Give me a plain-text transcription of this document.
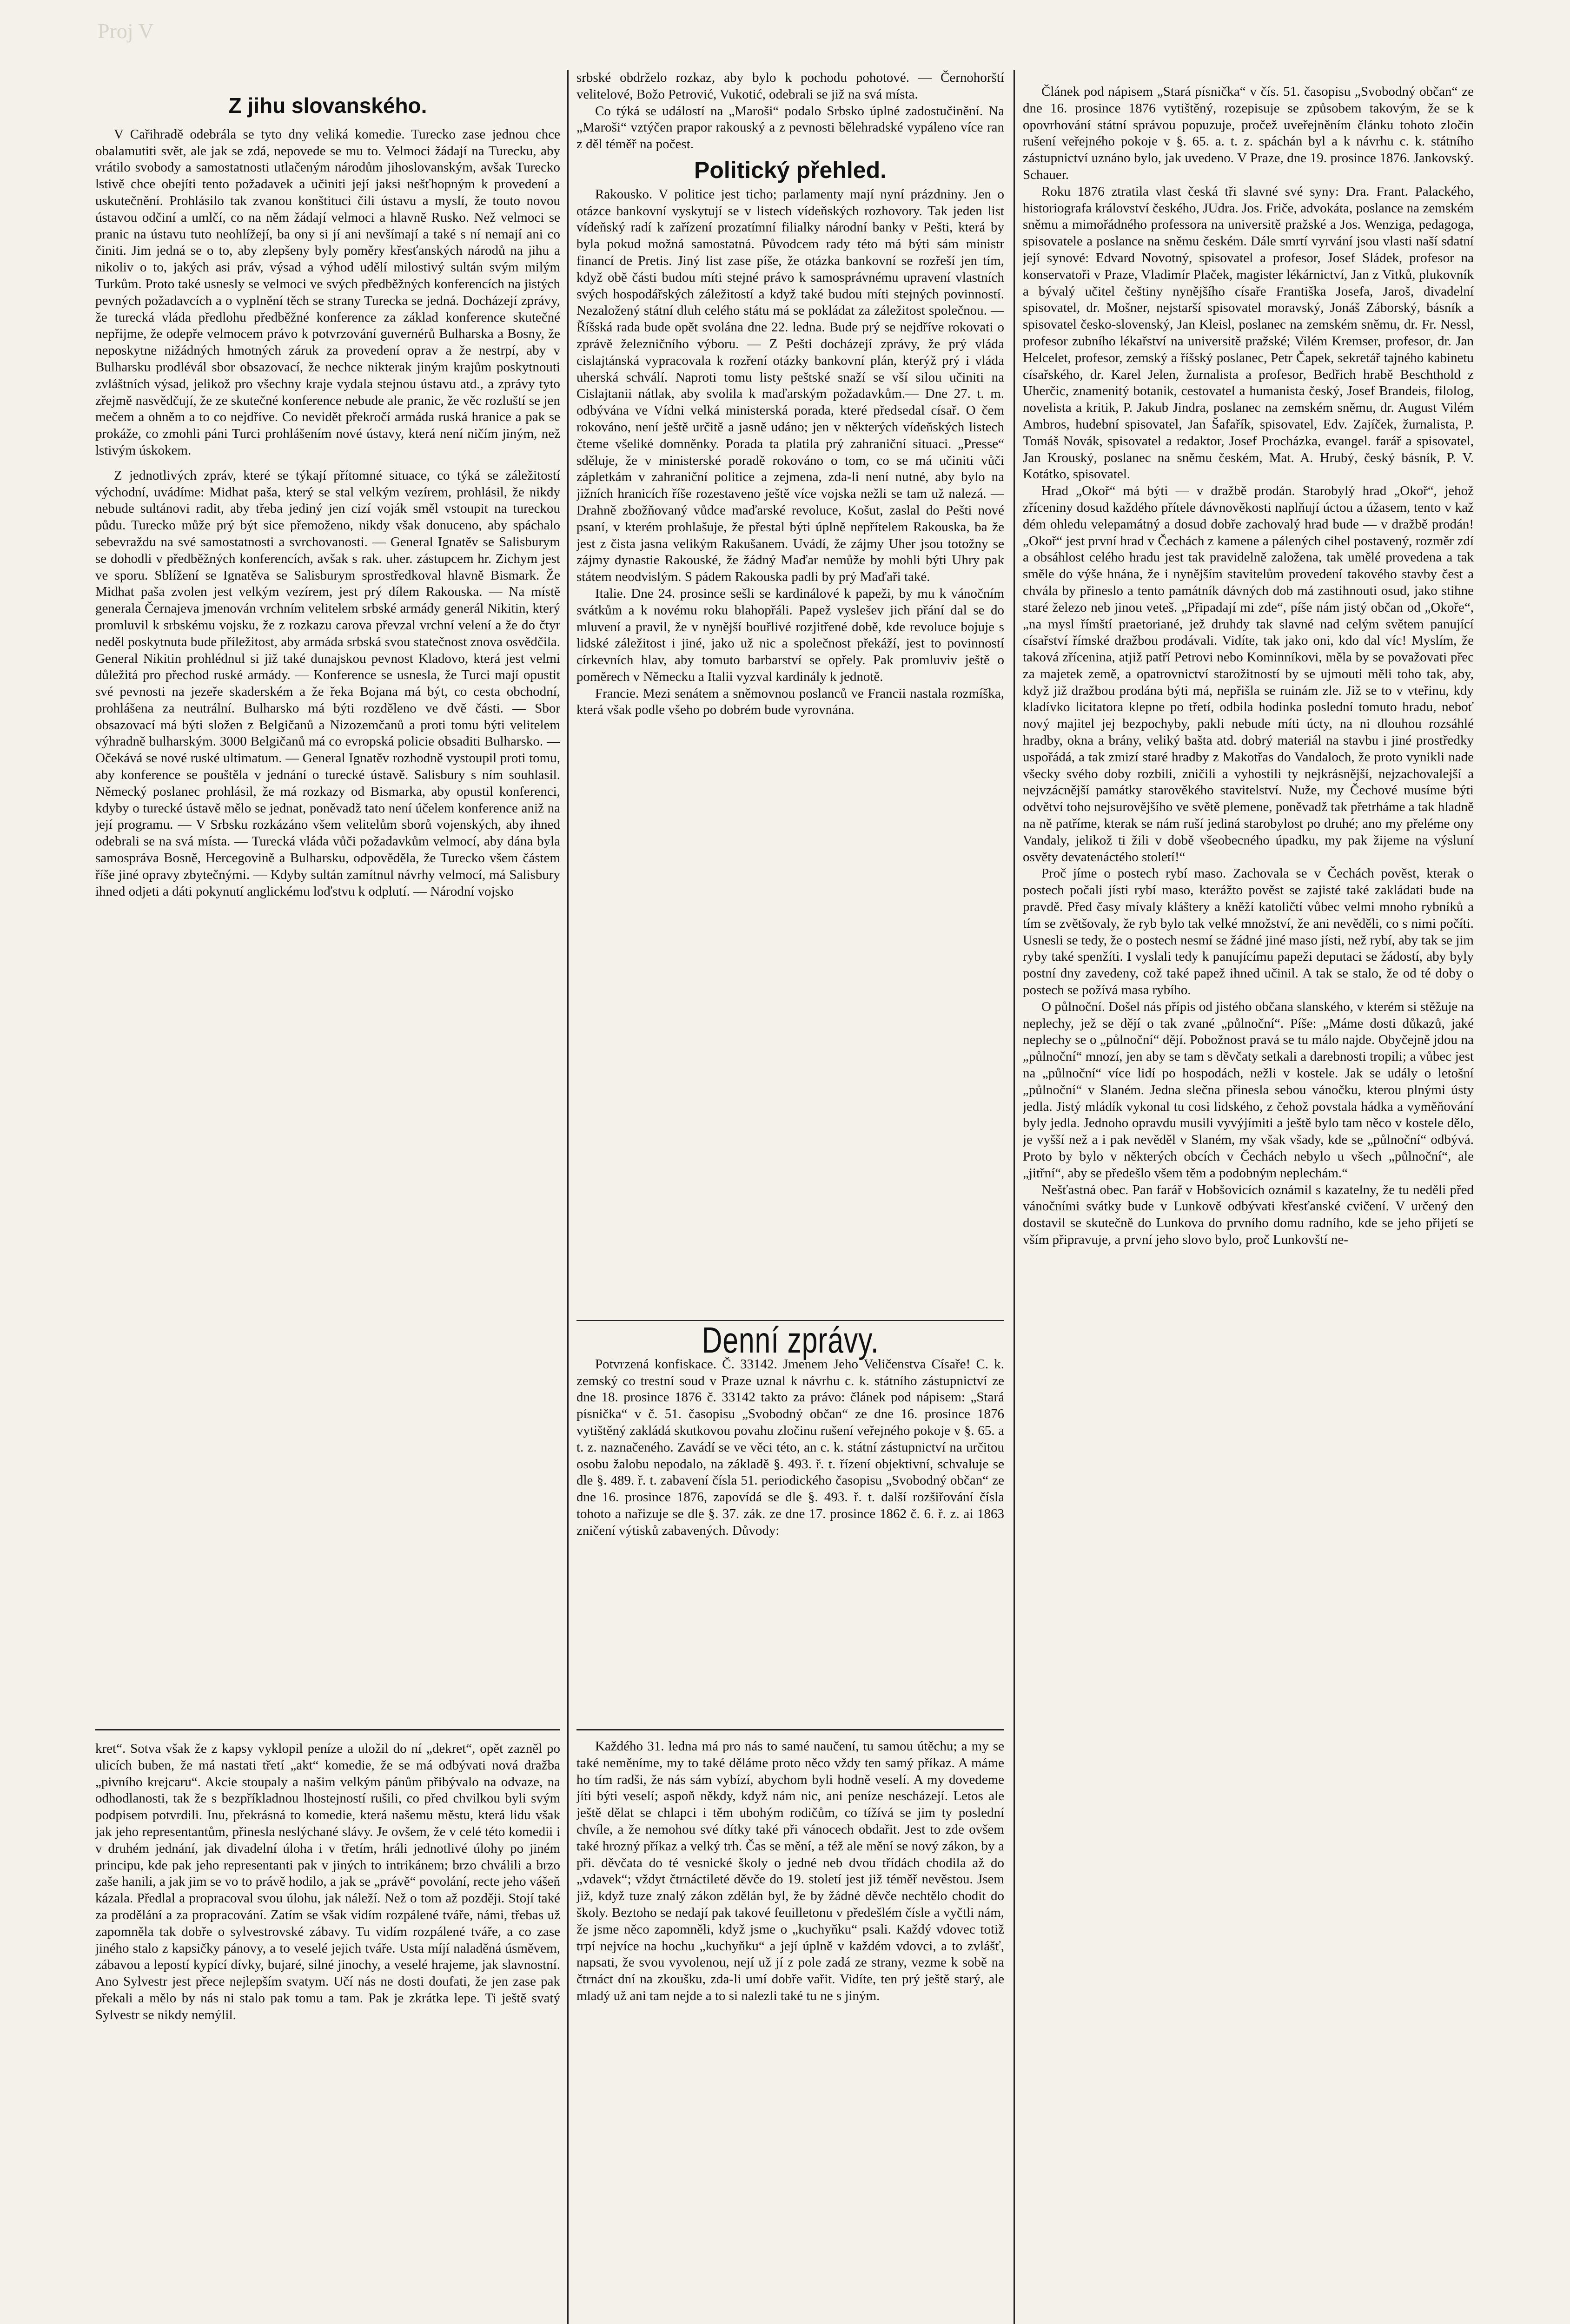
Proj V
Z jihu slovanského.

V Cařihradě odebrála se tyto dny veliká komedie. Turecko zase jednou chce obalamutiti svět, ale jak se zdá, nepovede se mu to. Velmoci žádají na Turecku, aby vrátilo svobody a samostatnosti utlačeným národům jihoslovanským, avšak Turecko lstivě chce obejíti tento požadavek a učiniti její jaksi nešťhopným k provedení a uskutečnění. Prohlásilo tak zvanou konštituci čili ústavu a myslí, že touto novou ústavou odčiní a umlčí, co na něm žádají velmoci a hlavně Rusko. Než velmoci se pranic na ústavu tuto neohlížejí, ba ony si jí ani nevšímají a také s ní nemají ani co činiti. Jim jedná se o to, aby zlepšeny byly poměry křesťanských národů na jihu a nikoliv o to, jakých asi práv, výsad a výhod udělí milostivý sultán svým milým Turkům. Proto také usnesly se velmoci ve svých předběžných konferencích na jistých pevných požadavcích a o vyplnění těch se strany Turecka se jedná. Docházejí zprávy, že turecká vláda předlohu předběžné konference za základ konference skutečné nepřijme, že odepře velmocem právo k potvrzování guvernérů Bulharska a Bosny, že neposkytne nižádných hmotných záruk za provedení oprav a že nestrpí, aby v Bulharsku prodlévál sbor obsazovací, že nechce nikterak jiným krajům poskytnouti zvláštních výsad, jelikož pro všechny kraje vydala stejnou ústavu atd., a zprávy tyto zřejmě nasvědčují, že ze skutečné konference nebude ale pranic, že věc rozluští se jen mečem a ohněm a to co nejdříve. Co nevidět překročí armáda ruská hranice a pak se prokáže, co zmohli páni Turci prohlášením nové ústavy, která není ničím jiným, než lstivým úskokem.

Z jednotlivých zpráv, které se týkají přítomné situace, co týká se záležitostí východní, uvádíme: Midhat paša, který se stal velkým vezírem, prohlásil, že nikdy nebude sultánovi radit, aby třeba jediný jen cizí voják směl vstoupit na tureckou půdu. Turecko může prý být sice přemoženo, nikdy však donuceno, aby spáchalo sebevraždu na své samostatnosti a svrchovanosti. — General Ignatěv se Salisburym se dohodli v předběžných konferencích, avšak s rak. uher. zástupcem hr. Zichym jest ve sporu. Sblížení se Ignatěva se Salisburym sprostředkoval hlavně Bismark. Že Midhat paša zvolen jest velkým vezírem, jest prý dílem Rakouska. — Na místě generala Černajeva jmenován vrchním velitelem srbské armády generál Nikitin, který promluvil k srbskému vojsku, že z rozkazu carova převzal vrchní velení a že do čtyr neděl poskytnuta bude příležitost, aby armáda srbská svou statečnost znova osvědčila. General Nikitin prohlédnul si již také dunajskou pevnost Kladovo, která jest velmi důležitá pro přechod ruské armády. — Konference se usnesla, že Turci mají opustit své pevnosti na jezeře skaderském a že řeka Bojana má být, co cesta obchodní, prohlášena za neutrální. Bulharsko má býti rozděleno ve dvě části. — Sbor obsazovací má býti složen z Belgičanů a Nizozemčanů a proti tomu býti velitelem výhradně bulharským. 3000 Belgičanů má co evropská policie obsaditi Bulharsko. — Očekává se nové ruské ultimatum. — General Ignatěv rozhodně vystoupil proti tomu, aby konference se pouštěla v jednání o turecké ústavě. Salisbury s ním souhlasil. Německý poslanec prohlásil, že má rozkazy od Bismarka, aby opustil konferenci, kdyby o turecké ústavě mělo se jednat, poněvadž tato není účelem konference aniž na její programu. — V Srbsku rozkázáno všem velitelům sborů vojenských, aby ihned odebrali se na svá místa. — Turecká vláda vůči požadavkům velmocí, aby dána byla samospráva Bosně, Hercegovině a Bulharsku, odpověděla, že Turecko všem částem říše jiné opravy zbytečnými. — Kdyby sultán zamítnul návrhy velmocí, má Salisbury ihned odjeti a dáti pokynutí anglickému loďstvu k odplutí. — Národní vojsko

kret“. Sotva však že z kapsy vyklopil peníze a uložil do ní „dekret“, opět zazněl po ulicích buben, že má nastati třetí „akt“ komedie, že se má odbývati nová dražba „pivního krejcaru“. Akcie stoupaly a našim velkým pánům přibývalo na odvaze, na odhodlanosti, tak že s bezpříkladnou lhostejností rušili, co před chvilkou byli svým podpisem potvrdili. Inu, překrásná to komedie, která našemu městu, která lidu však jak jeho representantům, přinesla neslýchané slávy. Je ovšem, že v celé této komedii i v druhém jednání, jak divadelní úloha i v třetím, hráli jednotlivé úlohy po jiném principu, kde pak jeho representanti pak v jiných to intrikánem; brzo chválili a brzo zaše hanili, a jak jim se vo to právě hodilo, a jak se „právě“ povolání, recte jeho vášeň kázala. Předlal a propracoval svou úlohu, jak náleží. Než o tom až později. Stojí také za prodělání a za propracování. Zatím se však vidím rozpálené tváře, námi, třebas už zapomněla tak dobře o sylvestrovské zábavy. Tu vidím rozpálené tváře, a co zase jiného stalo z kapsičky pánovy, a to veselé jejich tváře. Usta míjí naladěná úsměvem, zábavou a lepostí kypící dívky, bujaré, silné jinochy, a veselé hrajeme, jak slavnostní. Ano Sylvestr jest přece nejlepším svatym. Učí nás ne dosti doufati, že jen zase pak překali a mělo by nás ni stalo pak tomu a tam. Pak je zkrátka lepe. Ti ještě svatý Sylvestr se nikdy nemýlil.

srbské obdrželo rozkaz, aby bylo k pochodu pohotové. — Černohorští velitelové, Božo Petrović, Vukotić, odebrali se již na svá místa.

Co týká se událostí na „Maroši“ podalo Srbsko úplné zadostučinění. Na „Maroši“ vztýčen prapor rakouský a z pevnosti bělehradské vypáleno více ran z děl téměř na počest.

Politický přehled.

Rakousko. V politice jest ticho; parlamenty mají nyní prázdniny. Jen o otázce bankovní vyskytují se v listech vídeňských rozhovory. Tak jeden list vídeňský radí k zařízení prozatímní filialky národní banky v Pešti, která by byla pokud možná samostatná. Původcem rady této má býti sám ministr financí de Pretis. Jiný list zase píše, že otázka bankovní se rozřeší jen tím, když obě části budou míti stejné právo k samosprávnému upravení vlastních svých hospodářských záležitostí a když také budou míti stejných povinností. Nezaložený státní dluh celého státu má se pokládat za záležitost společnou. — Říšská rada bude opět svolána dne 22. ledna. Bude prý se nejdříve rokovati o zprávě železničního výboru. — Z Pešti docházejí zprávy, že prý vláda cislajtánská vypracovala k rozření otázky bankovní plán, kterýž prý i vláda uherská schválí. Naproti tomu listy peštské snaží se vší silou učiniti na Cislajtanii nátlak, aby svolila k maďarským požadavkům.— Dne 27. t. m. odbývána ve Vídni velká ministerská porada, které předsedal císař. O čem rokováno, není ještě určitě a jasně udáno; jen v některých vídeňských listech čteme všeliké domněnky. Porada ta platila prý zahraniční situaci. „Presse“ sděluje, že v ministerské poradě rokováno o tom, co se má učiniti vůči zápletkám v zahraniční politice a zejmena, zda-li není nutné, aby bylo na jižních hranicích říše rozestaveno ještě více vojska nežli se tam už nalezá. — Drahně zbožňovaný vůdce maďarské revoluce, Košut, zaslal do Pešti nové psaní, v kterém prohlašuje, že přestal býti úplně nepřítelem Rakouska, ba že jest z čista jasna velikým Rakušanem. Uvádí, že zájmy Uher jsou totožny se zájmy dynastie Rakouské, že žádný Maďar nemůže by mohli býti Uhry pak státem neodvislým. S pádem Rakouska padli by prý Maďaři také.

Italie. Dne 24. prosince sešli se kardinálové k papeži, by mu k vánočním svátkům a k novému roku blahopřáli. Papež vyslešev jich přání dal se do mluvení a pravil, že v nynější bouřlivé rozjitřené době, kde revoluce bojuje s lidské záležitost i jiné, jako už nic a společnost překáží, jest to povinností církevních hlav, aby tomuto barbarství se opřely. Pak promluviv ještě o poměrech v Německu a Italii vyzval kardinály k jednotě.

Francie. Mezi senátem a sněmovnou poslanců ve Francii nastala rozmíška, která však podle všeho po dobrém bude vyrovnána.

Denní zprávy.

Potvrzená konfiskace. Č. 33142. Jmenem Jeho Veličenstva Císaře! C. k. zemský co trestní soud v Praze uznal k návrhu c. k. státního zástupnictví ze dne 18. prosince 1876 č. 33142 takto za právo: článek pod nápisem: „Stará písnička“ v č. 51. časopisu „Svobodný občan“ ze dne 16. prosince 1876 vytištěný zakládá skutkovou povahu zločinu rušení veřejného pokoje v §. 65. a t. z. naznačeného. Zavádí se ve věci této, an c. k. státní zástupnictví na určitou osobu žalobu nepodalo, na základě §. 493. ř. t. řízení objektivní, schvaluje se dle §. 489. ř. t. zabavení čísla 51. periodického časopisu „Svobodný občan“ ze dne 16. prosince 1876, zapovídá se dle §. 493. ř. t. další rozšiřování čísla tohoto a nařizuje se dle §. 37. zák. ze dne 17. prosince 1862 č. 6. ř. z. ai 1863 zničení výtisků zabavených. Důvody:

Každého 31. ledna má pro nás to samé naučení, tu samou útěchu; a my se také neměníme, my to také děláme proto něco vždy ten samý příkaz. A máme ho tím radši, že nás sám vybízí, abychom byli hodně veselí. A my dovedeme jíti býti veselí; aspoň někdy, když nám nic, ani peníze nescházejí. Letos ale ještě dělat se chlapci i těm ubohým rodičům, co tížívá se jim ty poslední chvíle, a že nemohou své dítky také při vánocech obdařit. Jest to zde ovšem také hrozný příkaz a velký trh. Čas se mění, a též ale mění se nový zákon, by a při. děvčata do té vesnické školy o jedné neb dvou třídách chodila až do „vdavek“; vždyt čtrnáctileté děvče do 19. století jest již téměř nevěstou. Jsem již, když tuze znalý zákon zdělán byl, že by žádné děvče nechtělo chodit do školy. Beztoho se nedají pak takové feuilletonu v předešlém čísle a vyčtli nám, že jsme něco zapomněli, když jsme o „kuchyňku“ psali. Každý vdovec totiž trpí nejvíce na hochu „kuchyňku“ a její úplně v každém vdovci, a to zvlášť, napsati, že svou vyvolenou, nejí už jí z pole zadá ze strany, vezme k sobě na čtrnáct dní na zkoušku, zda-li umí dobře vařit. Vidíte, ten prý ještě starý, ale mladý už ani tam nejde a to si nalezli také tu ne s jiným.

Článek pod nápisem „Stará písnička“ v čís. 51. časopisu „Svobodný občan“ ze dne 16. prosince 1876 vytištěný, rozepisuje se způsobem takovým, že se k opovrhování státní správou popuzuje, pročež uveřejněním článku tohoto zločin rušení veřejného pokoje v §. 65. a. t. z. spáchán byl a k návrhu c. k. státního zástupnictví uznáno bylo, jak uvedeno. V Praze, dne 19. prosince 1876. Jankovský. Schauer.

Roku 1876 ztratila vlast česká tři slavné své syny: Dra. Frant. Palackého, historiografa království českého, JUdra. Jos. Friče, advokáta, poslance na zemském sněmu a mimořádného professora na universitě pražské a Jos. Wenziga, pedagoga, spisovatele a poslance na sněmu českém. Dále smrtí vyrvání jsou vlasti naší sdatní její synové: Edvard Novotný, spisovatel a profesor, Josef Sládek, profesor na konservatoři v Praze, Vladimír Plaček, magister lékárnictví, Jan z Vitků, plukovník a bývalý učitel češtiny nynějšího císaře Františka Josefa, Jaroš, divadelní spisovatel, dr. Mošner, nejstarší spisovatel moravský, Jonáš Záborský, básník a spisovatel česko-slovenský, Jan Kleisl, poslanec na zemském sněmu, dr. Fr. Nessl, profesor zubního lékařství na universitě pražské; Vilém Kremser, profesor, dr. Jan Helcelet, profesor, zemský a říšský poslanec, Petr Čapek, sekretář tajného kabinetu císařského, dr. Karel Jelen, žurnalista a profesor, Bedřich hrabě Beschthold z Uherčic, znamenitý botanik, cestovatel a humanista český, Josef Brandeis, filolog, novelista a kritik, P. Jakub Jindra, poslanec na zemském sněmu, dr. August Vilém Ambros, hudební spisovatel, Jan Šafařík, spisovatel, Edv. Zajíček, žurnalista, P. Tomáš Novák, spisovatel a redaktor, Josef Procházka, evangel. farář a spisovatel, Jan Krouský, poslanec na sněmu českém, Mat. A. Hrubý, český básník, P. V. Kotátko, spisovatel.

Hrad „Okoř“ má býti — v dražbě prodán. Starobylý hrad „Okoř“, jehož zříceniny dosud každého přítele dávnověkosti naplňují úctou a úžasem, tento v kaž dém ohledu velepamátný a dosud dobře zachovalý hrad bude — v dražbě prodán! „Okoř“ jest první hrad v Čechách z kamene a pálených cihel postavený, rozměr zdí a obsáhlost celého hradu jest tak pravidelně založena, tak umělé provedena a tak směle do výše hnána, že i nynějším stavitelům provedení takového stavby čest a chvála by přineslo a tento památník dávných dob má zastihnouti osud, jako stihne staré železo neb jinou veteš. „Připadají mi zde“, píše nám jistý občan od „Okoře“, „na mysl římští praetoriané, jež druhdy tak slavné nad celým světem panující císařství římské dražbou prodávali. Vidíte, tak jako oni, kdo dal víc! Myslím, že taková zřícenina, atjiž patří Petrovi nebo Kominníkovi, měla by se považovati přec za majetek země, a opatrovnictví starožitností by se ujmouti měli toho tak, aby, když již dražbou prodána býti má, nepřišla se ruinám zle. Již se to v vteřinu, kdy kladívko licitatora klepne po třetí, odbila hodinka poslední tomuto hradu, neboť nový majitel jej bezpochyby, pakli nebude míti úcty, na ni dlouhou rozsáhlé hradby, okna a brány, veliký bašta atd. dobrý materiál na stavbu i jiné prostředky uspořádá, a tak zmizí staré hradby z Makotřas do Vandaloch, že proto vynikli nade všecky svého doby rozbili, zničili a vyhostili ty nejkrásnější, nejzachovalejší a nejvzácnější památky starověkého stavitelství. Nuže, my Čechové musíme býti odvětví toho nejsurovějšího ve světě plemene, poněvadž tak přetrháme a tak hladně na ně patříme, kterak se nám ruší jediná starobylost po druhé; ano my přeléme ony Vandaly, jelikož ti žili v době všeobecného úpadku, my pak žijeme na výsluní osvěty devatenáctého století!“

Proč jíme o postech rybí maso. Zachovala se v Čechách pověst, kterak o postech počali jísti rybí maso, kterážto pověst se zajisté také zakládati bude na pravdě. Před časy mívaly kláštery a kněží katoličtí vůbec velmi mnoho rybníků a tím se zvětšovaly, že ryb bylo tak velké množství, že ani nevěděli, co s nimi počíti. Usnesli se tedy, že o postech nesmí se žádné jiné maso jísti, než rybí, aby tak se jim ryby také spenžíti. I vyslali tedy k panujícímu papeži deputaci se žádostí, aby byly postní dny zavedeny, což také papež ihned učinil. A tak se stalo, že od té doby o postech se požívá masa rybího.

O půlnoční. Došel nás přípis od jistého občana slanského, v kterém si stěžuje na neplechy, jež se dějí o tak zvané „půlnoční“. Píše: „Máme dosti důkazů, jaké neplechy se o „půlnoční“ dějí. Pobožnost pravá se tu málo najde. Obyčejně jdou na „půlnoční“ mnozí, jen aby se tam s děvčaty setkali a darebnosti tropili; a vůbec jest na „půlnoční“ více lidí po hospodách, nežli v kostele. Jak se udály o letošní „půlnoční“ v Slaném. Jedna slečna přinesla sebou vánočku, kterou plnými ústy jedla. Jistý mládík vykonal tu cosi lidského, z čehož povstala hádka a vyměňování byly jedla. Jednoho opravdu musili vyvýjímiti a ještě bylo tam něco v kostele dělo, je vyšší než a i pak nevěděl v Slaném, my však všady, kde se „půlnoční“ odbývá. Proto by bylo v některých obcích v Čechách nebylo u všech „půlnoční“, ale „jitřní“, aby se předešlo všem těm a podobným neplechám.“

Nešťastná obec. Pan farář v Hobšovicích oznámil s kazatelny, že tu neděli před vánočními svátky bude v Lunkově odbývati křesťanské cvičení. V určený den dostavil se skutečně do Lunkova do prvního domu radního, kde se jeho přijetí se vším připravuje, a první jeho slovo bylo, proč Lunkovští ne-
